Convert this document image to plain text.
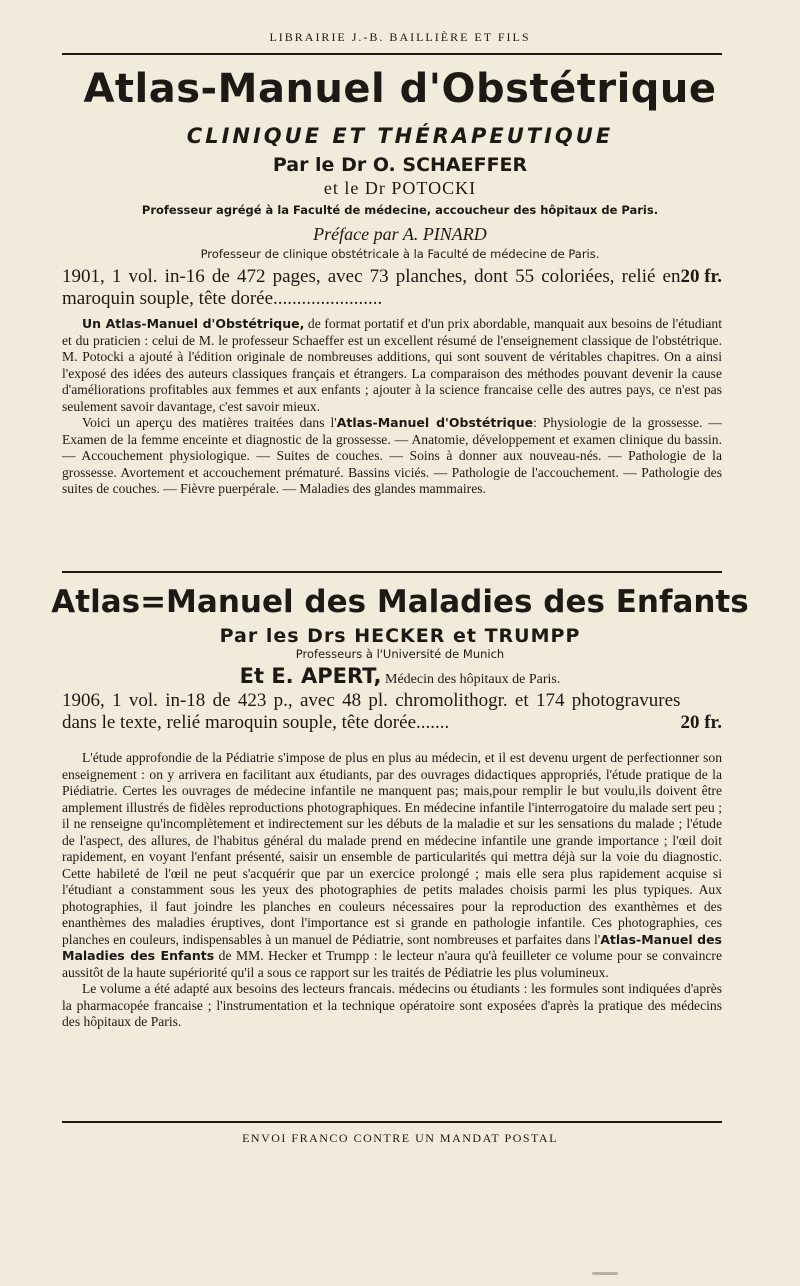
LIBRAIRIE J.-B. BAILLIÈRE ET FILS
Atlas-Manuel d'Obstétrique
CLINIQUE ET THÉRAPEUTIQUE
Par le Dr O. SCHAEFFER
et le Dr POTOCKI
Professeur agrégé à la Faculté de médecine, accoucheur des hôpitaux de Paris.
Préface par A. PINARD
Professeur de clinique obstétricale à la Faculté de médecine de Paris.
20 fr.
1901, 1 vol. in-16 de 472 pages, avec 73 planches, dont 55 coloriées, relié en maroquin souple, tête dorée.......................

Un Atlas-Manuel d'Obstétrique, de format portatif et d'un prix abordable, manquait aux besoins de l'étudiant et du praticien : celui de M. le professeur Schaeffer est un excellent résumé de l'enseignement classique de l'obstétrique. M. Potocki a ajouté à l'édition originale de nombreuses additions, qui sont souvent de véritables chapitres. On a ainsi l'exposé des idées des auteurs classiques français et étrangers. La comparaison des méthodes pouvant devenir la cause d'améliorations profitables aux femmes et aux enfants ; ajouter à la science francaise celle des autres pays, ce n'est pas seulement savoir davantage, c'est savoir mieux.

Voici un aperçu des matières traitées dans l'Atlas-Manuel d'Obstétrique: Physiologie de la grossesse. — Examen de la femme enceinte et diagnostic de la grossesse. — Anatomie, développement et examen clinique du bassin. — Accouchement physiologique. — Suites de couches. — Soins à donner aux nouveau-nés. — Pathologie de la grossesse. Avortement et accouchement prématuré. Bassins viciés. — Pathologie de l'accouchement. — Pathologie des suites de couches. — Fièvre puerpérale. — Maladies des glandes mammaires.

Atlas=Manuel des Maladies des Enfants
Par les Drs HECKER et TRUMPP
Professeurs à l'Université de Munich
Et E. APERT, Médecin des hôpitaux de Paris.
20 fr.
1906, 1 vol. in-18 de 423 p., avec 48 pl. chromolithogr. et 174 photogravures dans le texte, relié maroquin souple, tête dorée.......

L'étude approfondie de la Pédiatrie s'impose de plus en plus au médecin, et il est devenu urgent de perfectionner son enseignement : on y arrivera en facilitant aux étudiants, par des ouvrages didactiques appropriés, l'étude pratique de la Piédiatrie. Certes les ouvrages de médecine infantile ne manquent pas; mais,pour remplir le but voulu,ils doivent être amplement illustrés de fidèles reproductions photographiques. En médecine infantile l'interrogatoire du malade sert peu ; il ne renseigne qu'incomplètement et indirectement sur les débuts de la maladie et sur les sensations du malade ; l'étude de l'aspect, des allures, de l'habitus général du malade prend en médecine infantile une grande importance ; l'œil doit rapidement, en voyant l'enfant présenté, saisir un ensemble de particularités qui mettra déjà sur la voie du diagnostic. Cette habileté de l'œil ne peut s'acquérir que par un exercice prolongé ; mais elle sera plus rapidement acquise si l'étudiant a constamment sous les yeux des photographies de petits malades choisis parmi les plus typiques. Aux photographies, il faut joindre les planches en couleurs nécessaires pour la reproduction des exanthèmes et des enanthèmes des maladies éruptives, dont l'importance est si grande en pathologie infantile. Ces photographies, ces planches en couleurs, indispensables à un manuel de Pédiatrie, sont nombreuses et parfaites dans l'Atlas-Manuel des Maladies des Enfants de MM. Hecker et Trumpp : le lecteur n'aura qu'à feuilleter ce volume pour se convaincre aussitôt de la haute supériorité qu'il a sous ce rapport sur les traités de Pédiatrie les plus volumineux.

Le volume a été adapté aux besoins des lecteurs francais. médecins ou étudiants : les formules sont indiquées d'après la pharmacopée francaise ; l'instrumentation et la technique opératoire sont exposées d'après la pratique des médecins des hôpitaux de Paris.

ENVOI FRANCO CONTRE UN MANDAT POSTAL
